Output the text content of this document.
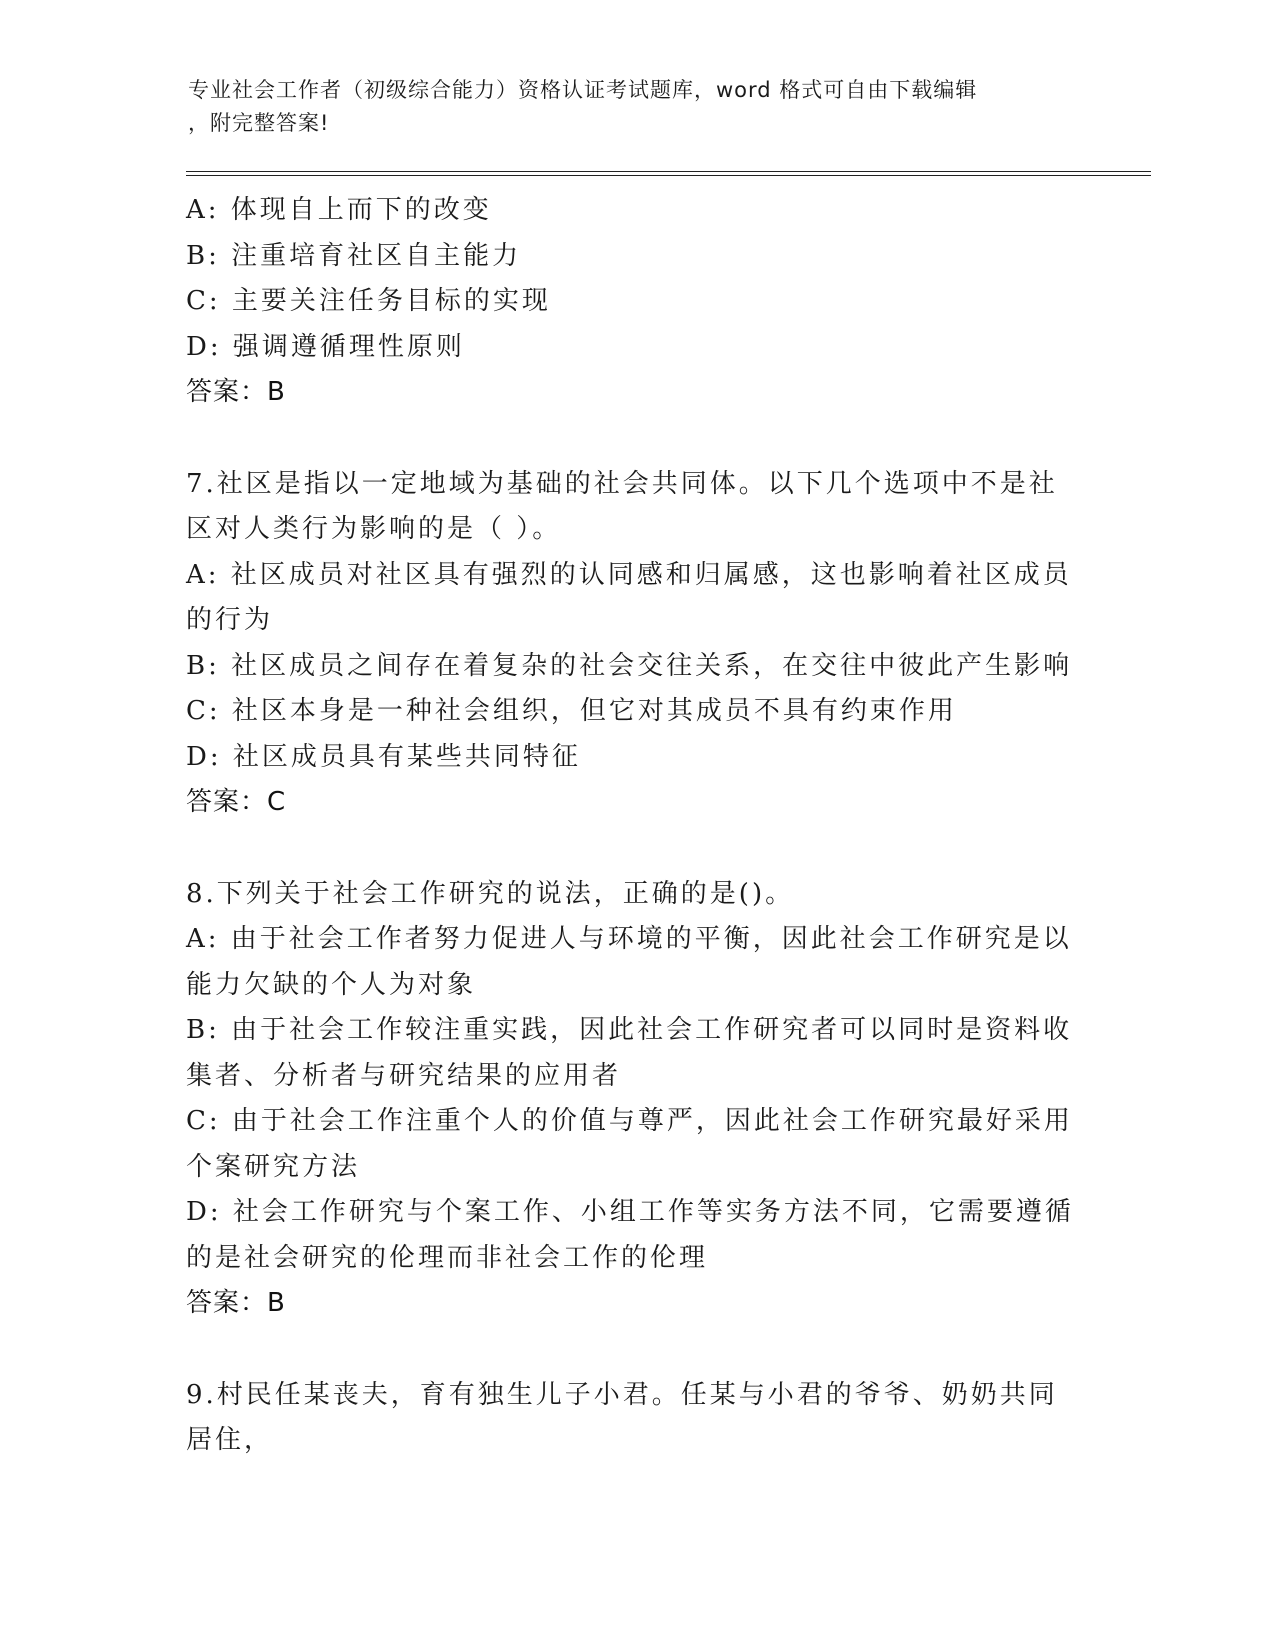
专业社会工作者（初级综合能力）资格认证考试题库，word 格式可自由下载编辑
，附完整答案!
A: 体现自上而下的改变
B: 注重培育社区自主能力
C: 主要关注任务目标的实现
D: 强调遵循理性原则
答案：B
7.社区是指以一定地域为基础的社会共同体。以下几个选项中不是社
区对人类行为影响的是（ ）。
A: 社区成员对社区具有强烈的认同感和归属感，这也影响着社区成员
的行为
B: 社区成员之间存在着复杂的社会交往关系，在交往中彼此产生影响
C: 社区本身是一种社会组织，但它对其成员不具有约束作用
D: 社区成员具有某些共同特征
答案：C
8.下列关于社会工作研究的说法，正确的是()。
A: 由于社会工作者努力促进人与环境的平衡，因此社会工作研究是以
能力欠缺的个人为对象
B: 由于社会工作较注重实践，因此社会工作研究者可以同时是资料收
集者、分析者与研究结果的应用者
C: 由于社会工作注重个人的价值与尊严，因此社会工作研究最好采用
个案研究方法
D: 社会工作研究与个案工作、小组工作等实务方法不同，它需要遵循
的是社会研究的伦理而非社会工作的伦理
答案：B
9.村民任某丧夫，育有独生儿子小君。任某与小君的爷爷、奶奶共同
居住，
